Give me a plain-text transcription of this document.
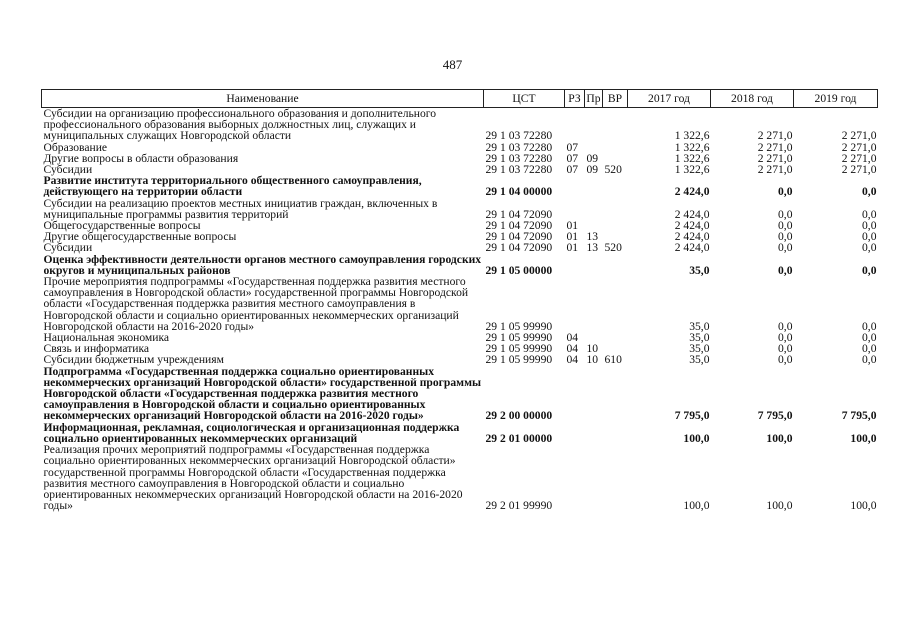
487
Наименование	ЦСТ	РЗ	Пр	ВР	2017 год	2018 год	2019 год
Субсидии на организацию профессионального образования и дополнительного профессионального образования выборных должностных лиц, служащих и муниципальных служащих Новгородской области	29 1 03 72280				1 322,6	2 271,0	2 271,0
Образование	29 1 03 72280	07			1 322,6	2 271,0	2 271,0
Другие вопросы в области образования	29 1 03 72280	07	09		1 322,6	2 271,0	2 271,0
Субсидии	29 1 03 72280	07	09	520	1 322,6	2 271,0	2 271,0
Развитие института территориального общественного самоуправления, действующего на территории области	29 1 04 00000				2 424,0	0,0	0,0
Субсидии на реализацию проектов местных инициатив граждан, включенных в муниципальные программы развития территорий	29 1 04 72090				2 424,0	0,0	0,0
Общегосударственные вопросы	29 1 04 72090	01			2 424,0	0,0	0,0
Другие общегосударственные вопросы	29 1 04 72090	01	13		2 424,0	0,0	0,0
Субсидии	29 1 04 72090	01	13	520	2 424,0	0,0	0,0
Оценка эффективности деятельности органов местного самоуправления городских округов и муниципальных районов	29 1 05 00000				35,0	0,0	0,0
Прочие мероприятия подпрограммы «Государственная поддержка развития местного самоуправления в Новгородской области» государственной программы Новгородской области «Государственная поддержка развития местного самоуправления в Новгородской области и социально ориентированных некоммерческих организаций Новгородской области на 2016-2020 годы»	29 1 05 99990				35,0	0,0	0,0
Национальная экономика	29 1 05 99990	04			35,0	0,0	0,0
Связь и информатика	29 1 05 99990	04	10		35,0	0,0	0,0
Субсидии бюджетным учреждениям	29 1 05 99990	04	10	610	35,0	0,0	0,0
Подпрограмма «Государственная поддержка социально ориентированных некоммерческих организаций Новгородской области» государственной программы Новгородской области «Государственная поддержка развития местного самоуправления в Новгородской области и социально ориентированных некоммерческих организаций Новгородской области на 2016-2020 годы»	29 2 00 00000				7 795,0	7 795,0	7 795,0
Информационная, рекламная, социологическая и организационная поддержка социально ориентированных некоммерческих организаций	29 2 01 00000				100,0	100,0	100,0
Реализация прочих мероприятий подпрограммы «Государственная поддержка социально ориентированных некоммерческих организаций Новгородской области» государственной программы Новгородской области «Государственная поддержка развития местного самоуправления в Новгородской области и социально ориентированных некоммерческих организаций Новгородской области на 2016-2020 годы»	29 2 01 99990				100,0	100,0	100,0
